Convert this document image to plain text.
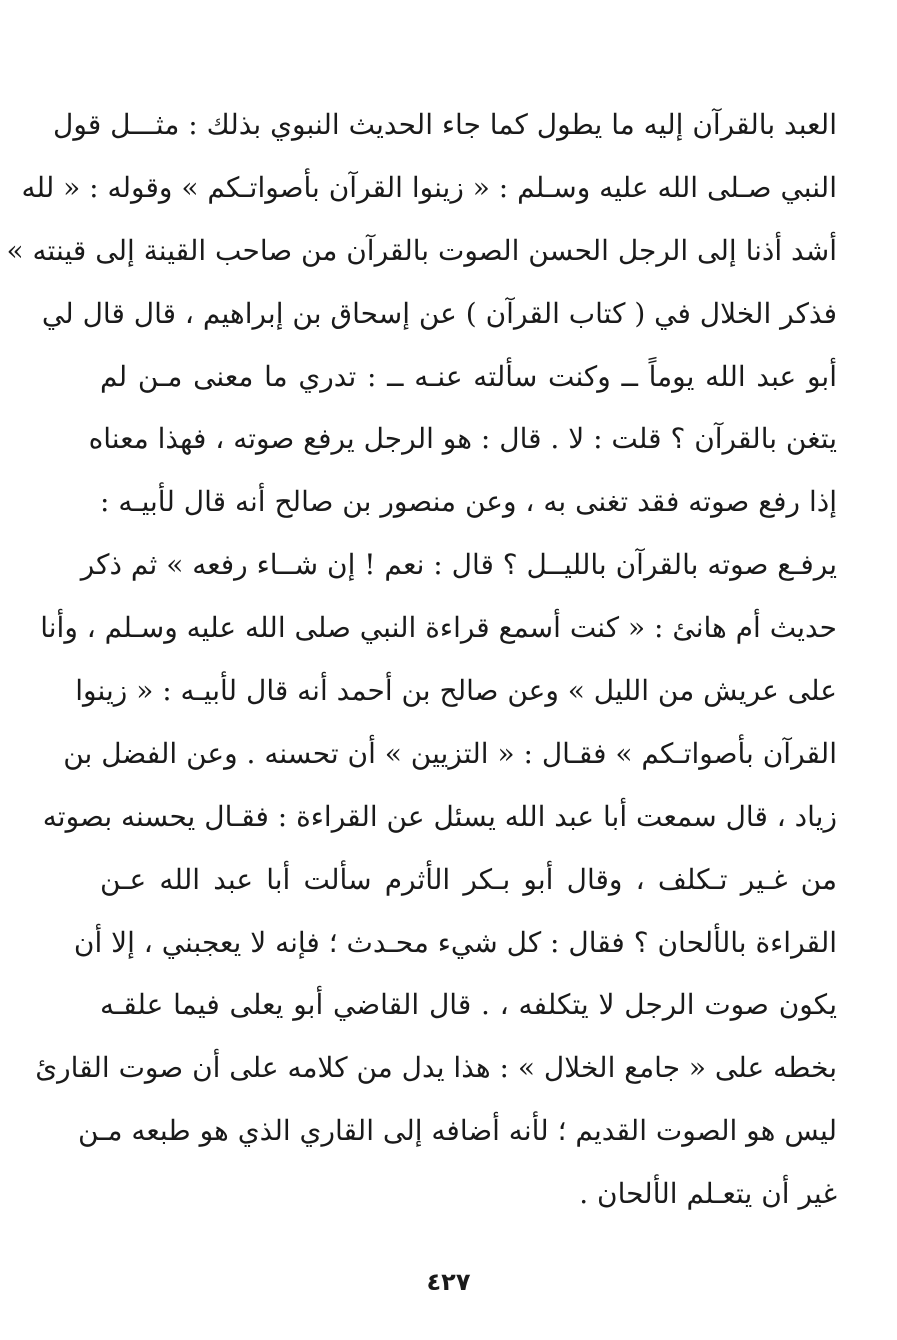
العبد بالقرآن إليه ما يطول كما جاء الحديث النبوي بذلك : مثـــل قول
النبي صـلى الله عليه وسـلم : « زينوا القرآن بأصواتـكم » وقوله : « لله
أشد أذنا إلى الرجل الحسن الصوت بالقرآن من صاحب القينة إلى قينته »
فذكر الخلال في ( كتاب القرآن ) عن إسحاق بن إبراهيم ، قال قال لي
أبو عبد الله يوماً ــ وكنت سألته عنـه ــ : تدري ما معنى مـن لم
يتغن بالقرآن ؟ قلت : لا . قال : هو الرجل يرفع صوته ، فهذا معناه
إذا رفع صوته فقد تغنى به ، وعن منصور بن صالح أنه قال لأبيـه :
يرفـع صوته بالقرآن بالليــل ؟ قال : نعم ! إن شــاء رفعه » ثم ذكر
حديث أم هانئ : « كنت أسمع قراءة النبي صلى الله عليه وسـلم ، وأنا
على عريش من الليل » وعن صالح بن أحمد أنه قال لأبيـه : « زينوا
القرآن بأصواتـكم » فقـال : « التزيين » أن تحسنه . وعن الفضل بن
زياد ، قال سمعت أبا عبد الله يسئل عن القراءة : فقـال يحسنه بصوته
من غـير تـكلف ، وقال أبو بـكر الأثرم سألت أبا عبد الله عـن
القراءة بالألحان ؟ فقال : كل شيء محـدث ؛ فإنه لا يعجبني ، إلا أن
يكون صوت الرجل لا يتكلفه ، . قال القاضي أبو يعلى فيما علقـه
بخطه على « جامع الخلال » : هذا يدل من كلامه على أن صوت القارئ
ليس هو الصوت القديم ؛ لأنه أضافه إلى القاري الذي هو طبعه مـن
غير أن يتعـلم الألحان .
٤٢٧
